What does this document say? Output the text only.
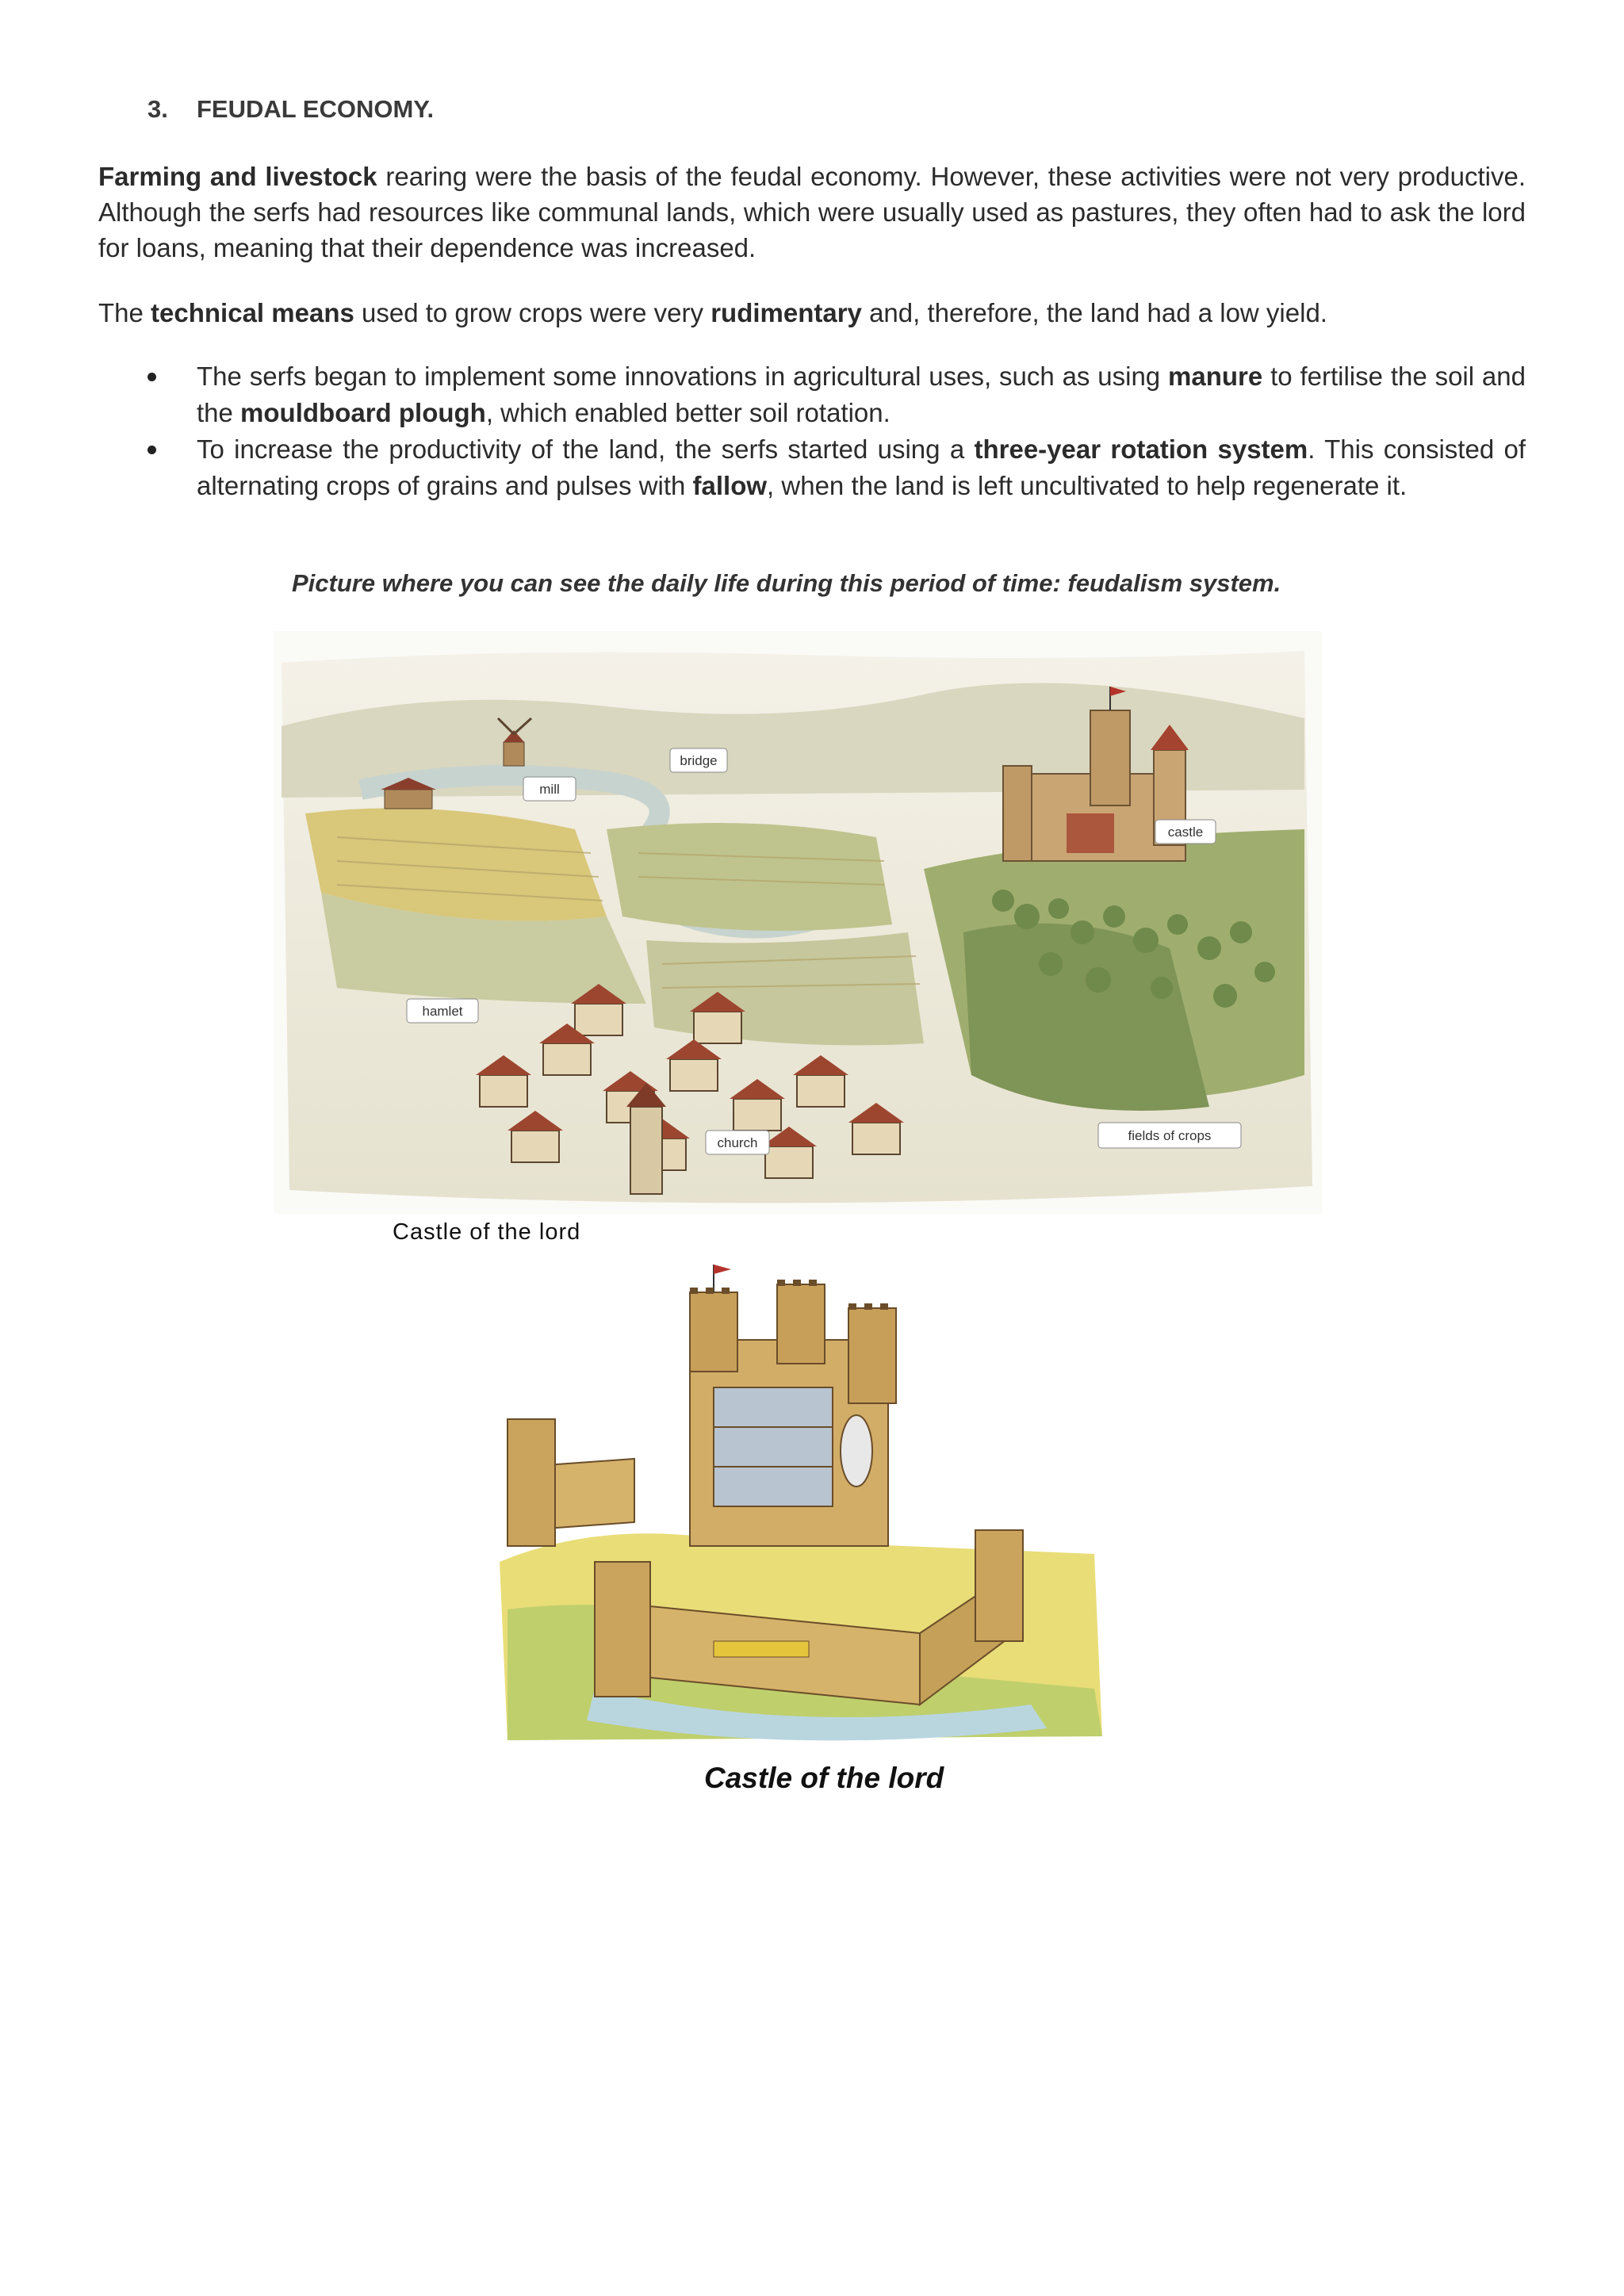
3. FEUDAL ECONOMY.
Farming and livestock rearing were the basis of the feudal economy. However, these activities were not very productive. Although the serfs had resources like communal lands, which were usually used as pastures, they often had to ask the lord for loans, meaning that their dependence was increased.
The technical means used to grow crops were very rudimentary and, therefore, the land had a low yield.
The serfs began to implement some innovations in agricultural uses, such as using manure to fertilise the soil and the mouldboard plough, which enabled better soil rotation.
To increase the productivity of the land, the serfs started using a three-year rotation system. This consisted of alternating crops of grains and pulses with fallow, when the land is left uncultivated to help regenerate it.
Picture where you can see the daily life during this period of time: feudalism system.
bridge
mill
castle
hamlet
church	fields of crops
Castle of the lord
Castle of the lord
